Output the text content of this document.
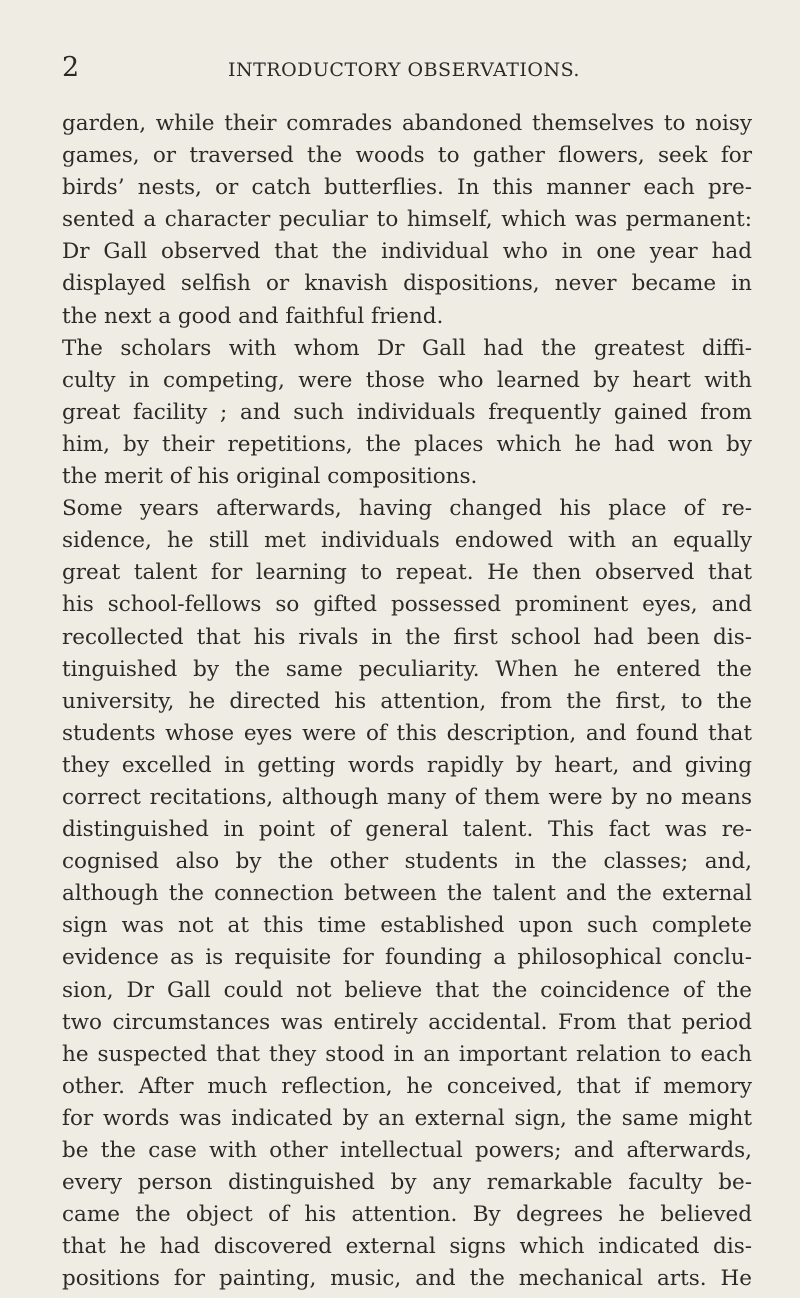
2	INTRODUCTORY OBSERVATIONS.
garden, while their comrades abandoned themselves to noisy
games, or traversed the woods to gather flowers, seek for
birds’ nests, or catch butterflies. In this manner each pre-
sented a character peculiar to himself, which was permanent:
Dr Gall observed that the individual who in one year had
displayed selfish or knavish dispositions, never became in
the next a good and faithful friend.
The scholars with whom Dr Gall had the greatest diffi-
culty in competing, were those who learned by heart with
great facility ; and such individuals frequently gained from
him, by their repetitions, the places which he had won by
the merit of his original compositions.
Some years afterwards, having changed his place of re-
sidence, he still met individuals endowed with an equally
great talent for learning to repeat. He then observed that
his school-fellows so gifted possessed prominent eyes, and
recollected that his rivals in the first school had been dis-
tinguished by the same peculiarity. When he entered the
university, he directed his attention, from the first, to the
students whose eyes were of this description, and found that
they excelled in getting words rapidly by heart, and giving
correct recitations, although many of them were by no means
distinguished in point of general talent. This fact was re-
cognised also by the other students in the classes; and,
although the connection between the talent and the external
sign was not at this time established upon such complete
evidence as is requisite for founding a philosophical conclu-
sion, Dr Gall could not believe that the coincidence of the
two circumstances was entirely accidental. From that period
he suspected that they stood in an important relation to each
other. After much reflection, he conceived, that if memory
for words was indicated by an external sign, the same might
be the case with other intellectual powers; and afterwards,
every person distinguished by any remarkable faculty be-
came the object of his attention. By degrees he believed
that he had discovered external signs which indicated dis-
positions for painting, music, and the mechanical arts. He
